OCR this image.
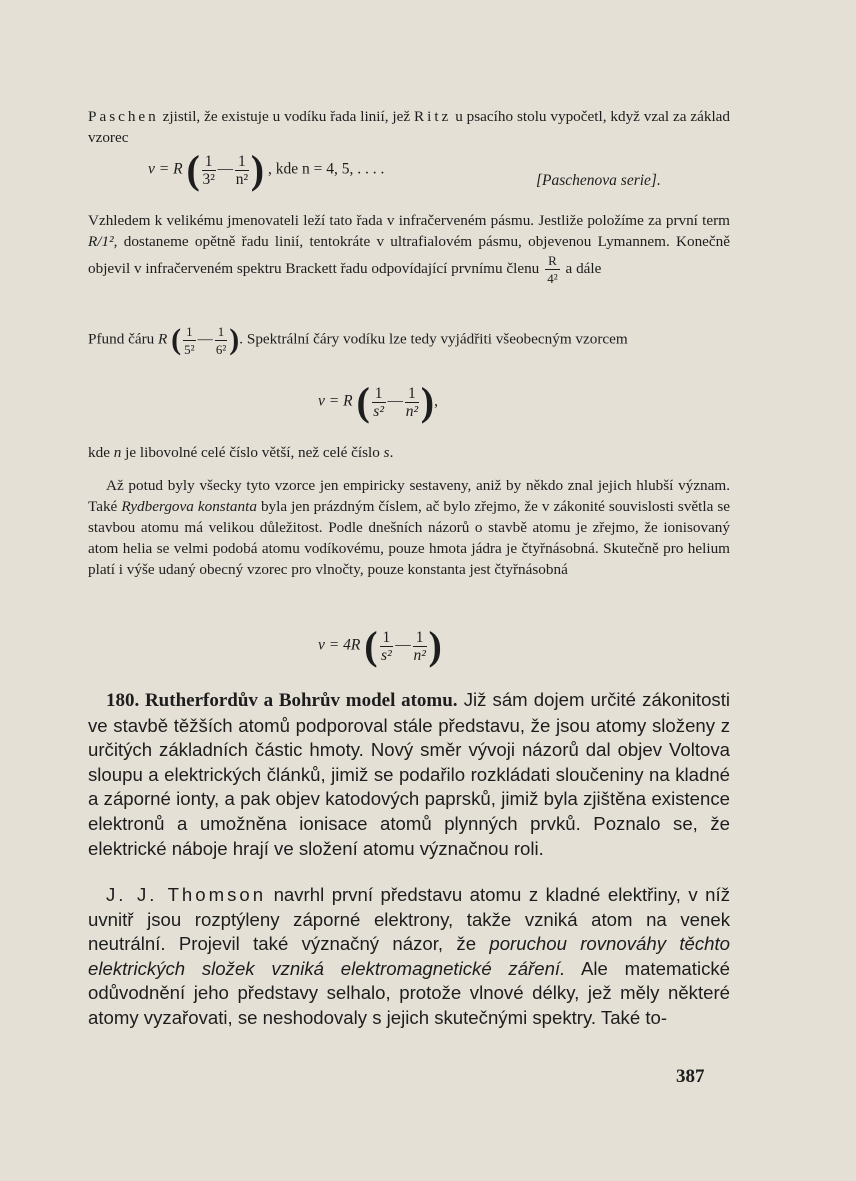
Paschen zjistil, že existuje u vodíku řada linií, jež Ritz u psacího stolu vypočetl, když vzal za základ vzorec

ν = R ( $\frac{1}{\text{3²}}$ — $\frac{1}{\text{n²}}$ ) , kde n = 4, 5, . . . .
[Paschenova serie].

Vzhledem k velikému jmenovateli leží tato řada v infračerveném pásmu. Jestliže položíme za první term R/1², dostaneme opětně řadu linií, tentokráte v ultrafialovém pásmu, objevenou Lymannem. Konečně objevil v infračerveném spektru Brackett řadu odpovídající prvnímu členu $\frac{R}{\text{4²}}$ a dále

Pfund čáru R ( $\frac{1}{\text{5²}}$ — $\frac{1}{\text{6²}}$ ). Spektrální čáry vodíku lze tedy vyjádřiti všeobecným vzorcem

ν = R ( $\frac{1}{\text{s²}}$ — $\frac{1}{\text{n²}}$ ),

kde n je libovolné celé číslo větší, než celé číslo s.

Až potud byly všecky tyto vzorce jen empiricky sestaveny, aniž by někdo znal jejich hlubší význam. Také Rydbergova konstanta byla jen prázdným číslem, ač bylo zřejmo, že v zákonité souvislosti světla se stavbou atomu má velikou důležitost. Podle dnešních názorů o stavbě atomu je zřejmo, že ionisovaný atom helia se velmi podobá atomu vodíkovému, pouze hmota jádra je čtyřnásobná. Skutečně pro helium platí i výše udaný obecný vzorec pro vlnočty, pouze konstanta jest čtyřnásobná

ν = 4R ( $\frac{1}{\text{s²}}$ — $\frac{1}{\text{n²}}$ )

180. Rutherfordův a Bohrův model atomu. Již sám dojem určité zákonitosti ve stavbě těžších atomů podporoval stále představu, že jsou atomy složeny z určitých základních částic hmoty. Nový směr vývoji názorů dal objev Voltova sloupu a elektrických článků, jimiž se podařilo rozkládati sloučeniny na kladné a záporné ionty, a pak objev katodových paprsků, jimiž byla zjištěna existence elektronů a umožněna ionisace atomů plynných prvků. Poznalo se, že elektrické náboje hrají ve složení atomu význačnou roli.

J. J. Thomson navrhl první představu atomu z kladné elektřiny, v níž uvnitř jsou rozptýleny záporné elektrony, takže vzniká atom na venek neutrální. Projevil také význačný názor, že poruchou rovnováhy těchto elektrických složek vzniká elektromagnetické záření. Ale matematické odůvodnění jeho představy selhalo, protože vlnové délky, jež měly některé atomy vyzařovati, se neshodovaly s jejich skutečnými spektry. Také to-

387
